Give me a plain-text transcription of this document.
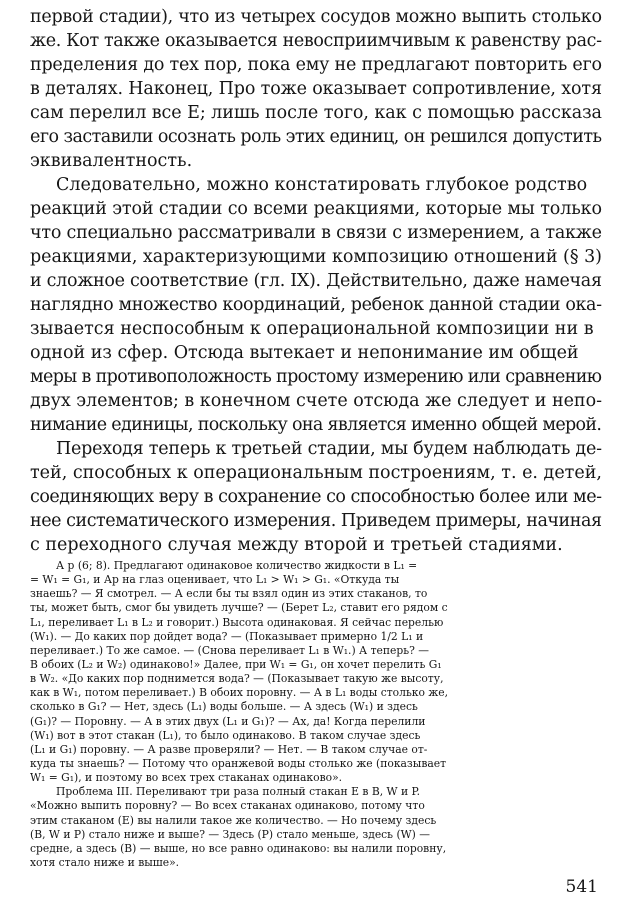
первой стадии), что из четырех сосудов можно выпить столько
же. Кот также оказывается невосприимчивым к равенству рас-
пределения до тех пор, пока ему не предлагают повторить его
в деталях. Наконец, Про тоже оказывает сопротивление, хотя
сам перелил все E; лишь после того, как с помощью рассказа
его заставили осознать роль этих единиц, он решился допустить
эквивалентность.
Следовательно, можно констатировать глубокое родство
реакций этой стадии со всеми реакциями, которые мы только
что специально рассматривали в связи с измерением, а также
реакциями, характеризующими композицию отношений (§ 3)
и сложное соответствие (гл. IX). Действительно, даже намечая
наглядно множество координаций, ребенок данной стадии ока-
зывается неспособным к операциональной композиции ни в
одной из сфер. Отсюда вытекает и непонимание им общей
меры в противоположность простому измерению или сравнению
двух элементов; в конечном счете отсюда же следует и непо-
нимание единицы, поскольку она является именно общей мерой.
Переходя теперь к третьей стадии, мы будем наблюдать де-
тей, способных к операциональным построениям, т. е. детей,
соединяющих веру в сохранение со способностью более или ме-
нее систематического измерения. Приведем примеры, начиная
с переходного случая между второй и третьей стадиями.
А р (6; 8). Предлагают одинаковое количество жидкости в L₁ =
= W₁ = G₁, и Ар на глаз оценивает, что L₁ > W₁ > G₁. «Откуда ты
знаешь? — Я смотрел. — А если бы ты взял один из этих стаканов, то
ты, может быть, смог бы увидеть лучше? — (Берет L₂, ставит его рядом с
L₁, переливает L₁ в L₂ и говорит.) Высота одинаковая. Я сейчас перелью
(W₁). — До каких пор дойдет вода? — (Показывает примерно 1/2 L₁ и
переливает.) То же самое. — (Снова переливает L₁ в W₁.) А теперь? —
В обоих (L₂ и W₂) одинаково!» Далее, при W₁ = G₁, он хочет перелить G₁
в W₂. «До каких пор поднимется вода? — (Показывает такую же высоту,
как в W₁, потом переливает.) В обоих поровну. — А в L₁ воды столько же,
сколько в G₁? — Нет, здесь (L₁) воды больше. — А здесь (W₁) и здесь
(G₁)? — Поровну. — А в этих двух (L₁ и G₁)? — Ах, да! Когда перелили
(W₁) вот в этот стакан (L₁), то было одинаково. В таком случае здесь
(L₁ и G₁) поровну. — А разве проверяли? — Нет. — В таком случае от-
куда ты знаешь? — Потому что оранжевой воды столько же (показывает
W₁ = G₁), и поэтому во всех трех стаканах одинаково».
Проблема III. Переливают три раза полный стакан E в B, W и P.
«Можно выпить поровну? — Во всех стаканах одинаково, потому что
этим стаканом (E) вы налили такое же количество. — Но почему здесь
(B, W и P) стало ниже и выше? — Здесь (P) стало меньше, здесь (W) —
средне, а здесь (B) — выше, но все равно одинаково: вы налили поровну,
хотя стало ниже и выше».
541
